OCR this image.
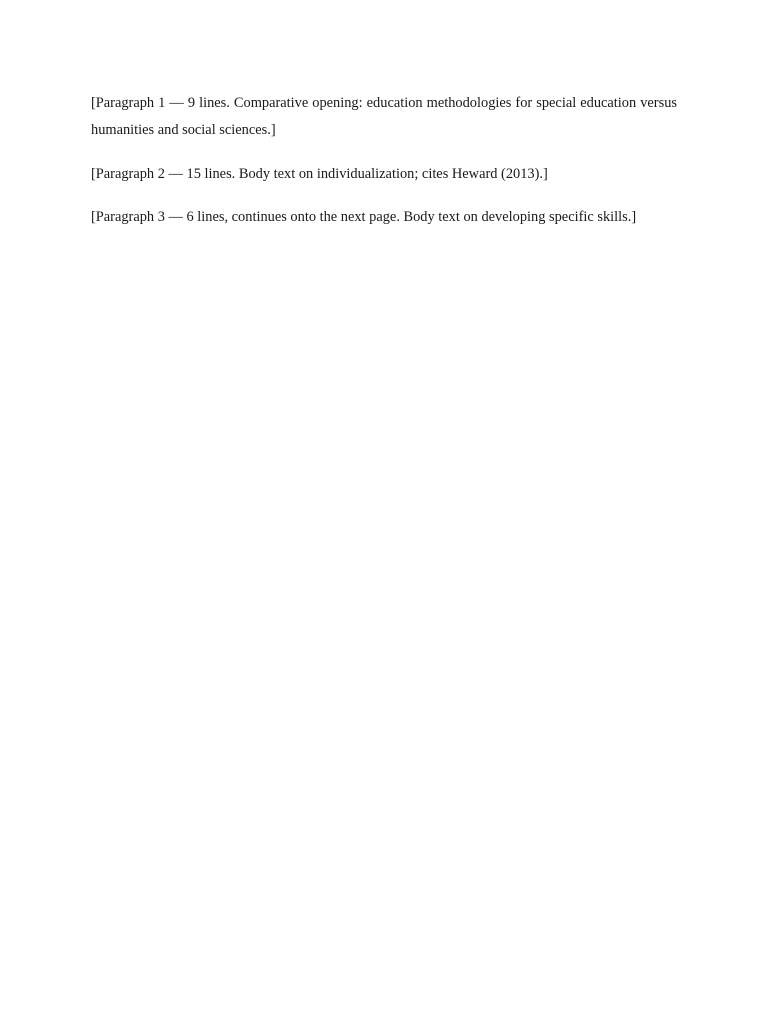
[Paragraph 1 — 9 lines. Comparative opening: education methodologies for special education versus humanities and social sciences.]

[Paragraph 2 — 15 lines. Body text on individualization; cites Heward (2013).]

[Paragraph 3 — 6 lines, continues onto the next page. Body text on developing specific skills.]
